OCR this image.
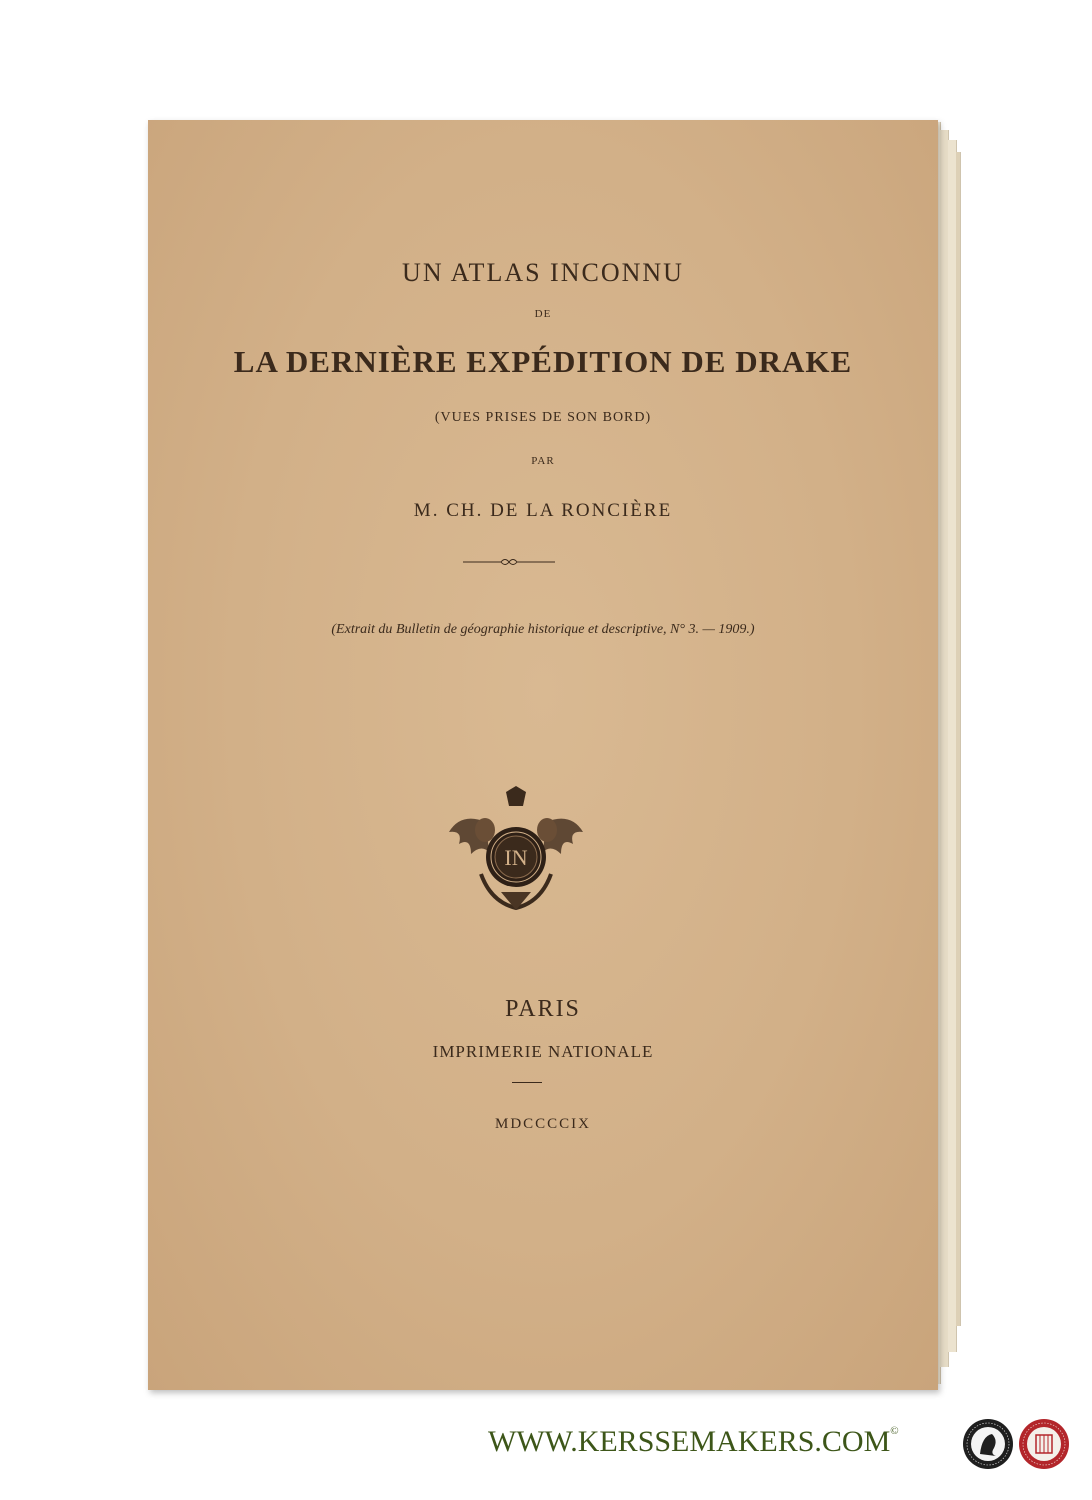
UN ATLAS INCONNU
DE
LA DERNIÈRE EXPÉDITION DE DRAKE
(VUES PRISES DE SON BORD)
PAR
M. CH. DE LA RONCIÈRE
(Extrait du Bulletin de géographie historique et descriptive, N° 3. — 1909.)
IN
PARIS
IMPRIMERIE NATIONALE
MDCCCCIX
WWW.KERSSEMAKERS.COM©
